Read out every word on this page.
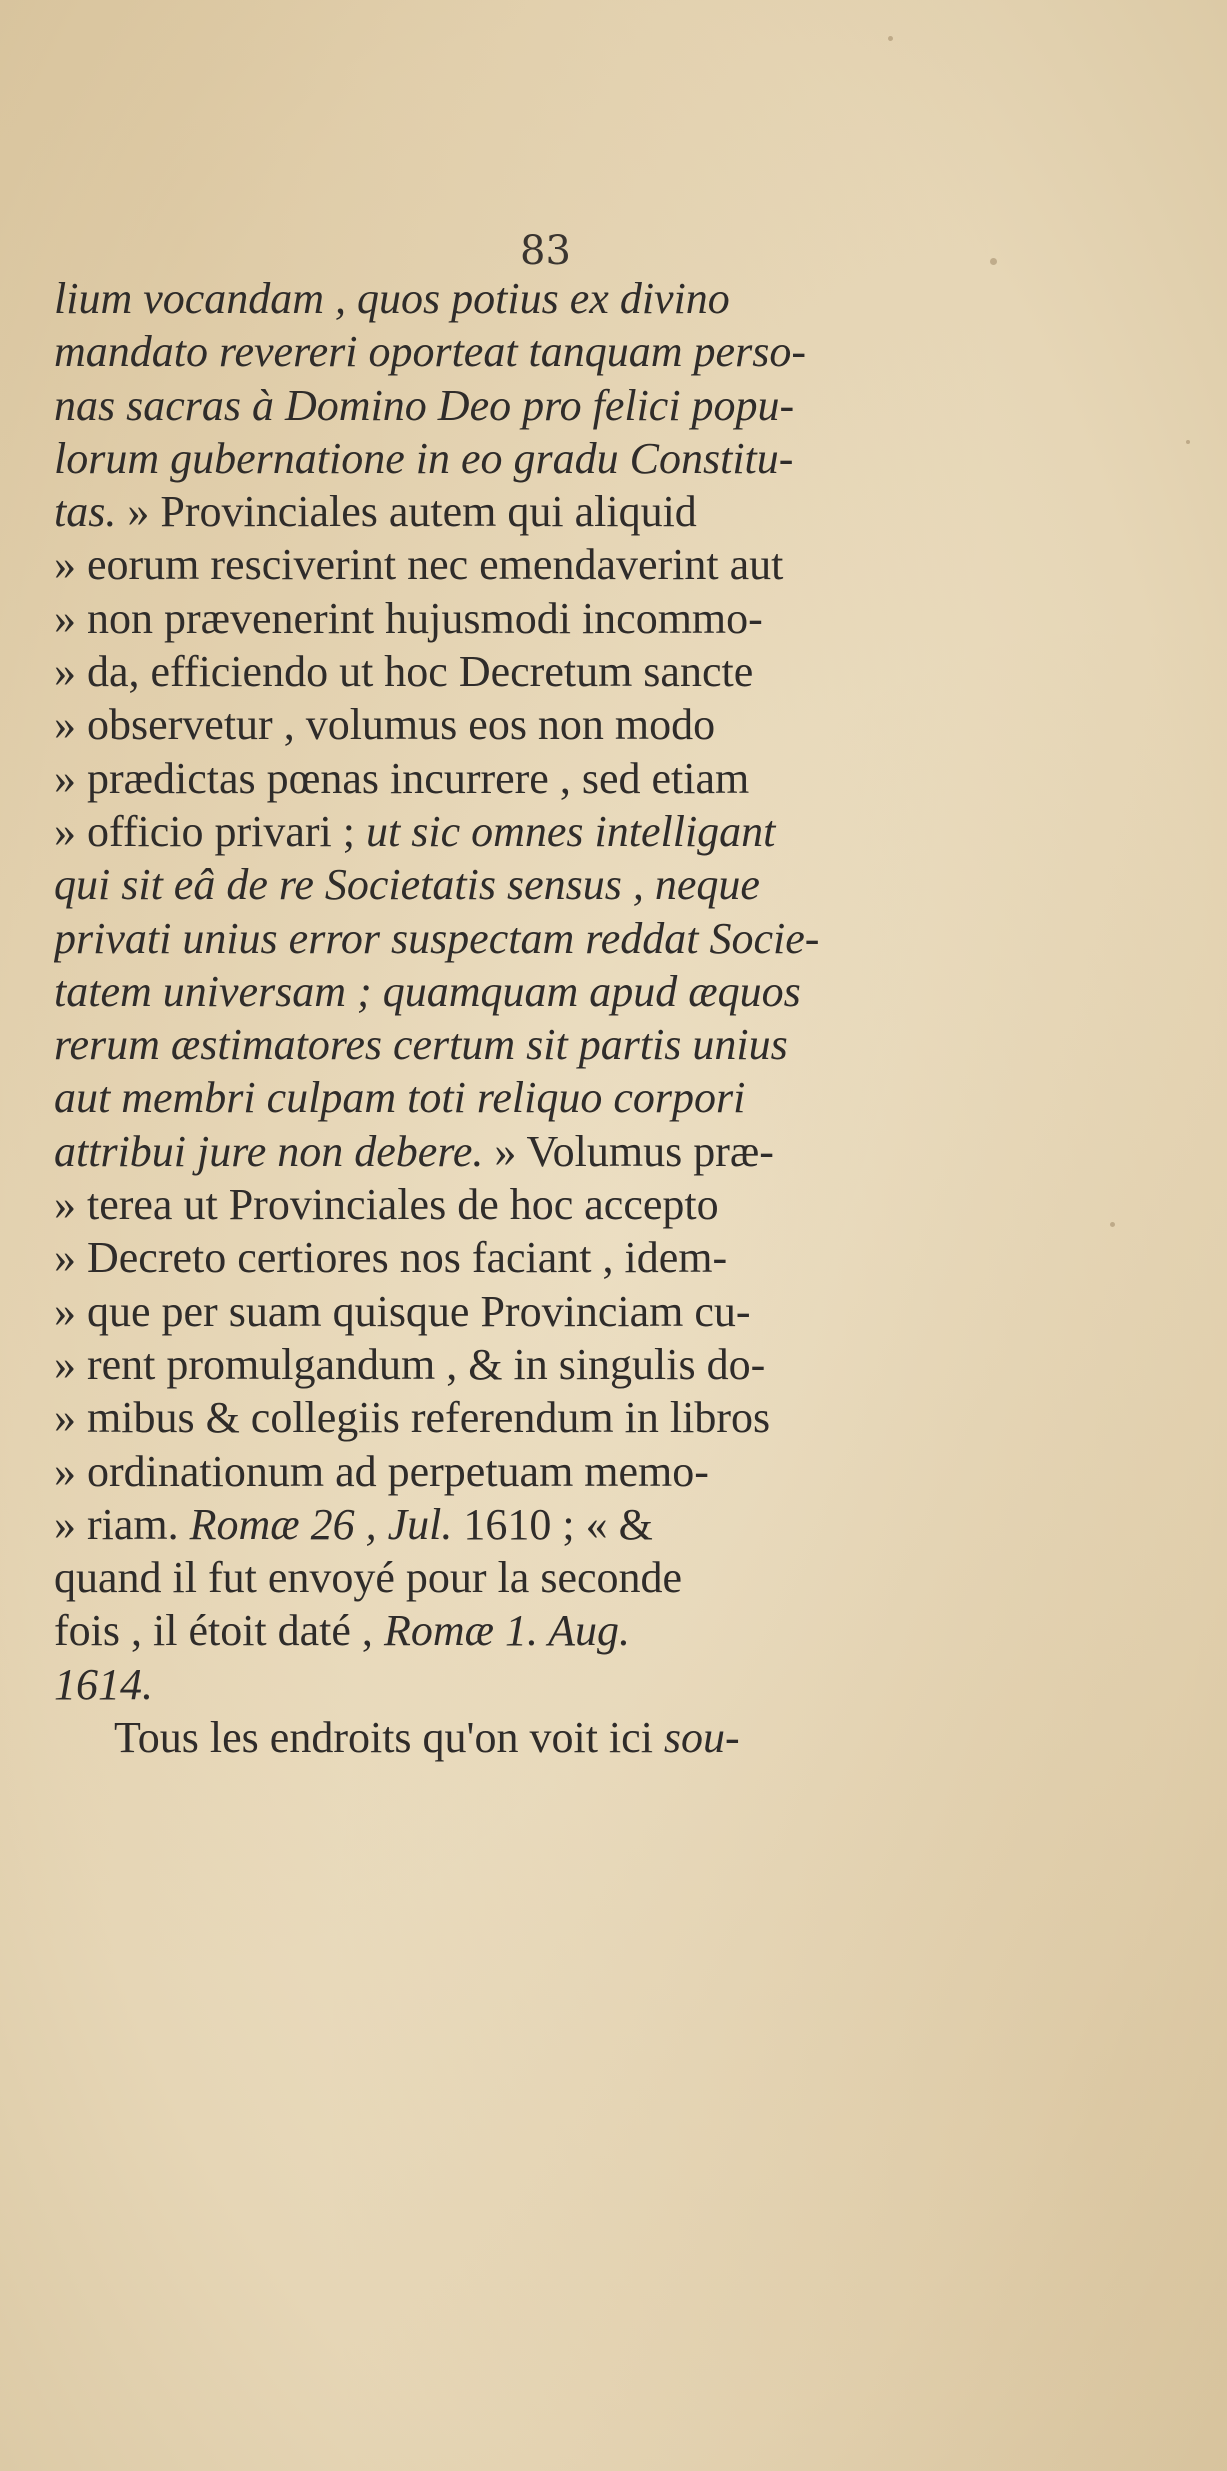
83
lium vocandam , quos potius ex divino
mandato revereri oporteat tanquam perso-
nas sacras à Domino Deo pro felici popu-
lorum gubernatione in eo gradu Constitu-
tas. » Provinciales autem qui aliquid
» eorum resciverint nec emendaverint aut
» non prævenerint hujusmodi incommo-
» da, efficiendo ut hoc Decretum sancte
» observetur , volumus eos non modo
» prædictas pœnas incurrere , sed etiam
» officio privari ; ut sic omnes intelligant
qui sit eâ de re Societatis sensus , neque
privati unius error suspectam reddat Socie-
tatem universam ; quamquam apud æquos
rerum æstimatores certum sit partis unius
aut membri culpam toti reliquo corpori
attribui jure non debere. » Volumus præ-
» terea ut Provinciales de hoc accepto
» Decreto certiores nos faciant , idem-
» que per suam quisque Provinciam cu-
» rent promulgandum , & in singulis do-
» mibus & collegiis referendum in libros
» ordinationum ad perpetuam memo-
» riam. Romæ 26 , Jul. 1610 ; « &
quand il fut envoyé pour la seconde
fois , il étoit daté , Romæ 1. Aug.
1614.
Tous les endroits qu'on voit ici sou-
